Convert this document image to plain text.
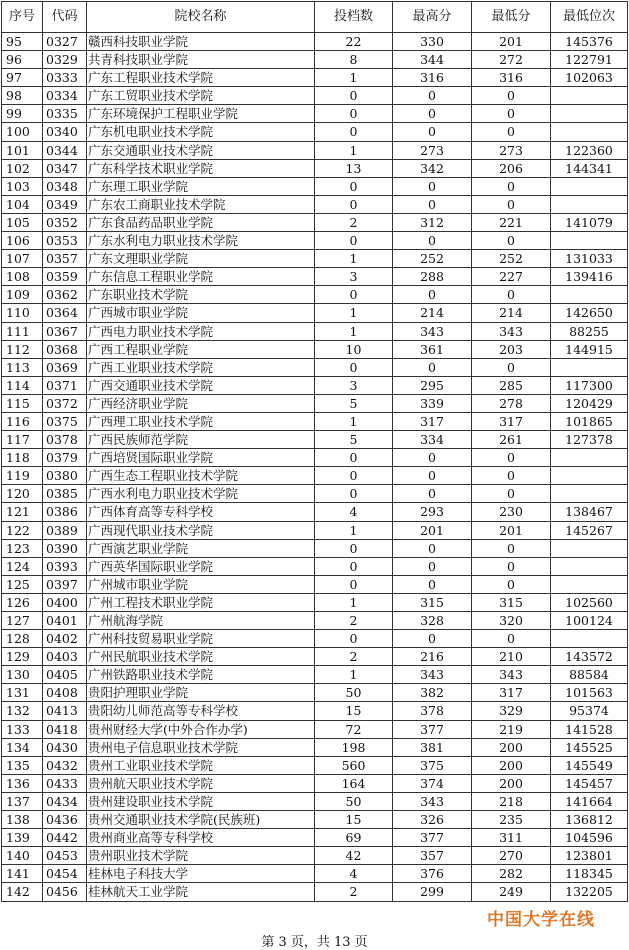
序号	代码	院校名称	投档数	最高分	最低分	最低位次
95	0327	赣西科技职业学院	22	330	201	145376
96	0329	共青科技职业学院	8	344	272	122791
97	0333	广东工程职业技术学院	1	316	316	102063
98	0334	广东工贸职业技术学院	0	0	0	
99	0335	广东环境保护工程职业学院	0	0	0	
100	0340	广东机电职业技术学院	0	0	0	
101	0344	广东交通职业技术学院	1	273	273	122360
102	0347	广东科学技术职业学院	13	342	206	144341
103	0348	广东理工职业学院	0	0	0	
104	0349	广东农工商职业技术学院	0	0	0	
105	0352	广东食品药品职业学院	2	312	221	141079
106	0353	广东水利电力职业技术学院	0	0	0	
107	0357	广东文理职业学院	1	252	252	131033
108	0359	广东信息工程职业学院	3	288	227	139416
109	0362	广东职业技术学院	0	0	0	
110	0364	广西城市职业学院	1	214	214	142650
111	0367	广西电力职业技术学院	1	343	343	88255
112	0368	广西工程职业学院	10	361	203	144915
113	0369	广西工业职业技术学院	0	0	0	
114	0371	广西交通职业技术学院	3	295	285	117300
115	0372	广西经济职业学院	5	339	278	120429
116	0375	广西理工职业技术学院	1	317	317	101865
117	0378	广西民族师范学院	5	334	261	127378
118	0379	广西培贤国际职业学院	0	0	0	
119	0380	广西生态工程职业技术学院	0	0	0	
120	0385	广西水利电力职业技术学院	0	0	0	
121	0386	广西体育高等专科学校	4	293	230	138467
122	0389	广西现代职业技术学院	1	201	201	145267
123	0390	广西演艺职业学院	0	0	0	
124	0393	广西英华国际职业学院	0	0	0	
125	0397	广州城市职业学院	0	0	0	
126	0400	广州工程技术职业学院	1	315	315	102560
127	0401	广州航海学院	2	328	320	100124
128	0402	广州科技贸易职业学院	0	0	0	
129	0403	广州民航职业技术学院	2	216	210	143572
130	0405	广州铁路职业技术学院	1	343	343	88584
131	0408	贵阳护理职业学院	50	382	317	101563
132	0413	贵阳幼儿师范高等专科学校	15	378	329	95374
133	0418	贵州财经大学(中外合作办学)	72	377	219	141528
134	0430	贵州电子信息职业技术学院	198	381	200	145525
135	0432	贵州工业职业技术学院	560	375	200	145549
136	0433	贵州航天职业技术学院	164	374	200	145457
137	0434	贵州建设职业技术学院	50	343	218	141664
138	0436	贵州交通职业技术学院(民族班)	15	326	235	136812
139	0442	贵州商业高等专科学校	69	377	311	104596
140	0453	贵州职业技术学院	42	357	270	123801
141	0454	桂林电子科技大学	4	376	282	118345
142	0456	桂林航天工业学院	2	299	249	132205
第 3 页，共 13 页
中国大学在线
